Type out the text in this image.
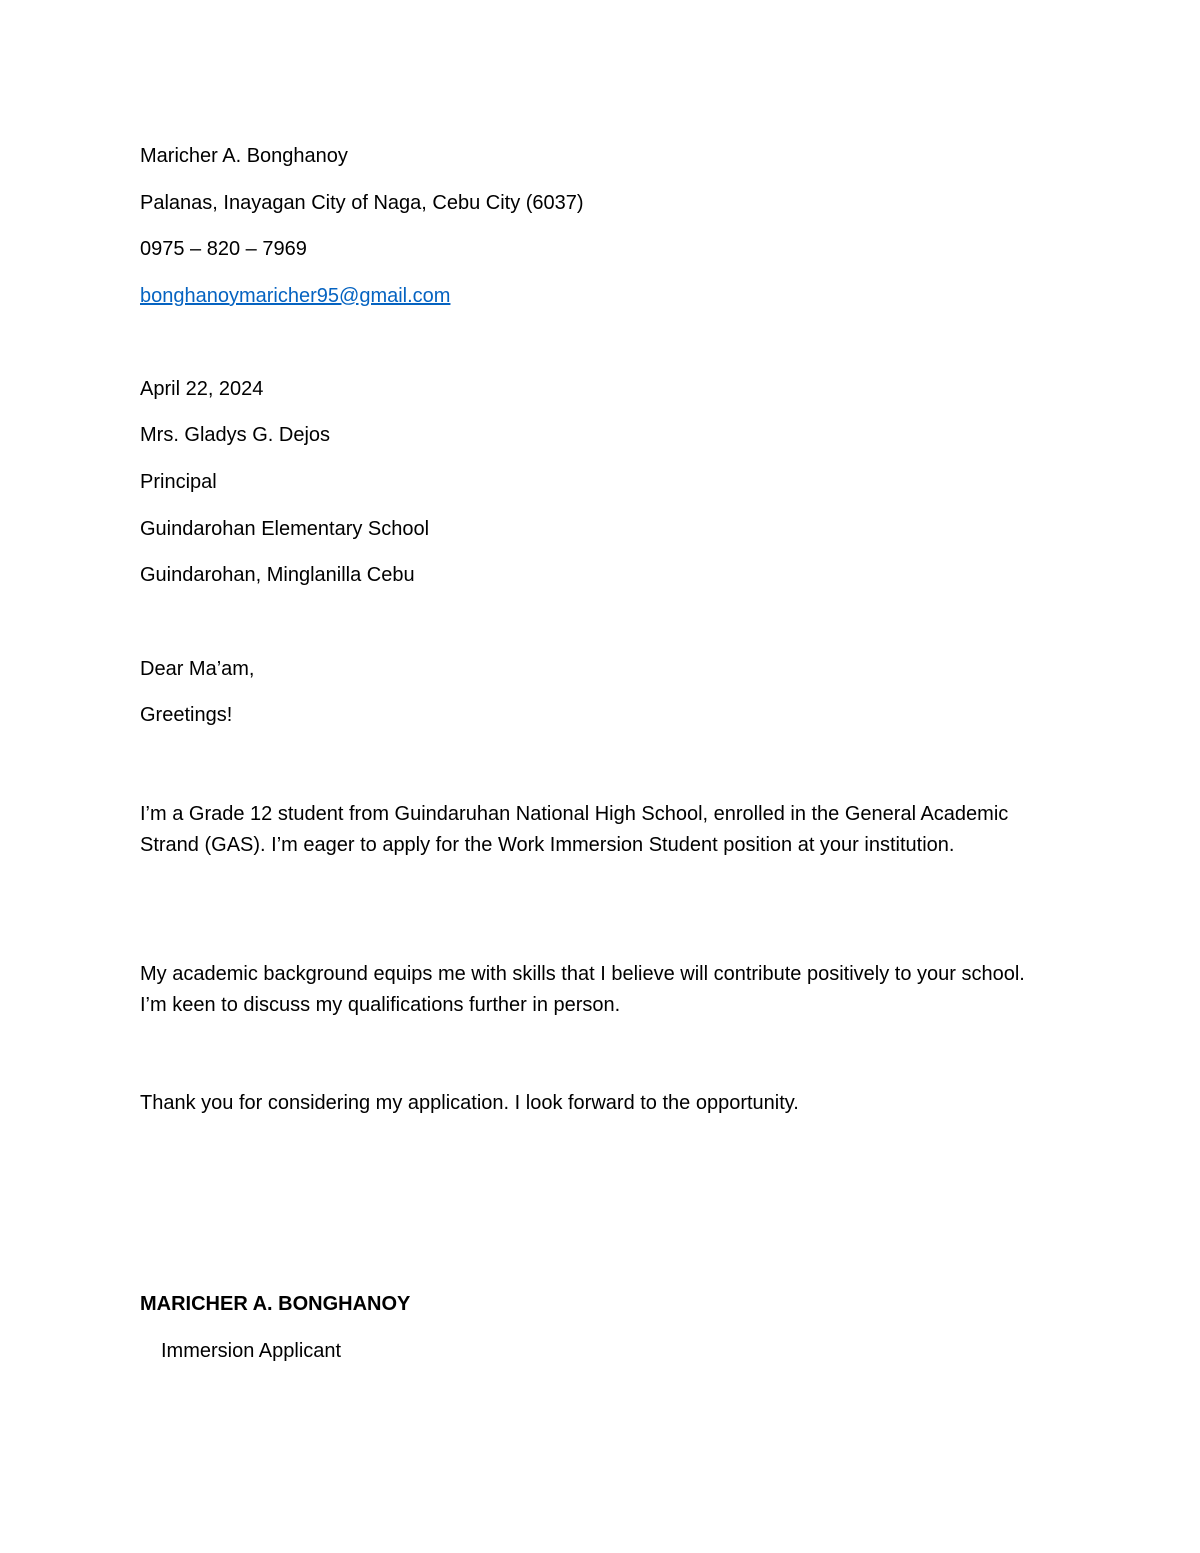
Maricher A. Bonghanoy
Palanas, Inayagan City of Naga, Cebu City (6037)
0975 – 820 – 7969
bonghanoymaricher95@gmail.com
April 22, 2024
Mrs. Gladys G. Dejos
Principal
Guindarohan Elementary School
Guindarohan, Minglanilla Cebu
Dear Ma’am,
Greetings!
I’m a Grade 12 student from Guindaruhan National High School, enrolled in the General Academic Strand (GAS). I’m eager to apply for the Work Immersion Student position at your institution.
My academic background equips me with skills that I believe will contribute positively to your school. I’m keen to discuss my qualifications further in person.
Thank you for considering my application. I look forward to the opportunity.
MARICHER A. BONGHANOY
Immersion Applicant
